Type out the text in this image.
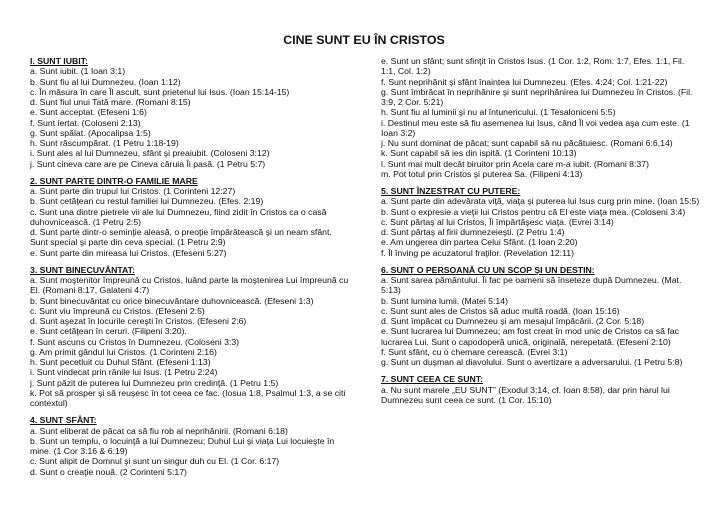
CINE SUNT EU ÎN CRISTOS
I. SUNT IUBIT:
a. Sunt iubit. (1 Ioan 3:1)
b. Sunt fiu al lui Dumnezeu. (Ioan 1:12)
c. În măsura în care Îl ascult, sunt prietenul lui Isus. (Ioan 15:14-15)
d. Sunt fiul unui Tată mare. (Romani 8:15)
e. Sunt acceptat. (Efeseni 1:6)
f. Sunt iertat. (Coloseni 2:13)
g. Sunt spălat. (Apocalipsa 1:5)
h. Sunt răscumpărat. (1 Petru 1:18-19)
i. Sunt ales al lui Dumnezeu, sfânt şi preaiubit. (Coloseni 3:12)
j. Sunt cineva care are pe Cineva căruia Îi pasă. (1 Petru 5:7)
2. SUNT PARTE DINTR-O FAMILIE MARE
a. Sunt parte din trupul lui Cristos. (1 Corinteni 12:27)
b. Sunt cetăţean cu restul familiei lui Dumnezeu. (Efes. 2:19)
c. Sunt una dintre pietrele vii ale lui Dumnezeu, fiind zidit în Cristos ca o casă
duhovnicească. (1 Petru 2:5)
d. Sunt parte dintr-o seminţie aleasă, o preoţie împărătească şi un neam sfânt.
Sunt special şi parte din ceva special. (1 Petru 2:9)
e. Sunt parte din mireasa lui Cristos. (Efeseni 5:27)
3. SUNT BINECUVÂNTAT:
a. Sunt moştenitor împreună cu Cristos, luând parte la moştenirea Lui împreună cu
El. (Romani 8:17, Galateni 4:7)
b. Sunt binecuvântat cu orice binecuvântare duhovnicească. (Efeseni 1:3)
c. Sunt viu împreună cu Cristos. (Efeseni 2:5)
d. Sunt aşezat în locurile cereşti în Cristos. (Efeseni 2:6)
e. Sunt cetăţean în ceruri. (Filipeni 3:20).
f. Sunt ascuns cu Cristos în Dumnezeu. (Coloseni 3:3)
g. Am primit gândul lui Cristos. (1 Corinteni 2:16)
h. Sunt pecetluit cu Duhul Sfânt. (Efeseni 1:13)
i. Sunt vindecat prin rănile lui Isus. (1 Petru 2:24)
j. Sunt păzit de puterea lui Dumnezeu prin credinţă. (1 Petru 1:5)
k. Pot să prosper şi să reuşesc în tot ceea ce fac. (Iosua 1:8, Psalmul 1:3, a se citi
contextul)
4. SUNT SFÂNT:
a. Sunt eliberat de păcat ca să fiu rob al neprihănirii. (Romani 6:18)
b. Sunt un templu, o locuinţă a lui Dumnezeu; Duhul Lui şi viaţa Lui locuieşte în
mine. (1 Cor 3:16 & 6:19)
c. Sunt alipit de Domnul şi sunt un singur duh cu El. (1 Cor. 6:17)
d. Sunt o creaţie nouă. (2 Corinteni 5:17)
e. Sunt un sfânt; sunt sfinţit în Cristos Isus. (1 Cor. 1:2, Rom. 1:7, Efes. 1:1, Fil.
1:1, Col. 1:2)
f. Sunt neprihănit şi sfânt înaintea lui Dumnezeu. (Efes. 4:24; Col. 1:21-22)
g. Sunt îmbrăcat în neprihănire şi sunt neprihănirea lui Dumnezeu în Cristos. (Fil.
3:9, 2 Cor. 5:21)
h. Sunt fiu al luminii şi nu al întunericului. (1 Tesaloniceni 5:5)
i. Destinul meu este să fiu asemenea lui Isus, când Îl voi vedea aşa cum este. (1
Ioan 3:2)
j. Nu sunt dominat de păcat; sunt capabil să nu păcătuiesc. (Romani 6:6,14)
k. Sunt capabil să ies din ispită. (1 Corinteni 10:13)
l. Sunt mai mult decât biruitor prin Acela care m-a iubit. (Romani 8:37)
m. Pot totul prin Cristos şi puterea Sa. (Filipeni 4:13)
5. SUNT ÎNZESTRAT CU PUTERE:
a. Sunt parte din adevărata viţă, viaţa şi puterea lui Isus curg prin mine. (Ioan 15:5)
b. Sunt o expresie a vieţii lui Cristos pentru că El este viaţa mea. (Coloseni 3:4)
c. Sunt părtaş al lui Cristos, Îi împărtăşesc viaţa. (Evrei 3:14)
d. Sunt părtaş al firii dumnezeieşti. (2 Petru 1:4)
e. Am ungerea din partea Celui Sfânt. (1 Ioan 2:20)
f. Îl înving pe acuzatorul fraţilor. (Revelation 12:11)
6. SUNT O PERSOANĂ CU UN SCOP ŞI UN DESTIN:
a. Sunt sarea pământului. Îi fac pe oameni să înseteze după Dumnezeu. (Mat.
5:13)
b. Sunt lumina lumii. (Matei 5:14)
c. Sunt sunt ales de Cristos să aduc multă roadă. (Ioan 15:16)
d. Sunt împăcat cu Dumnezeu şi am mesajul împăcării. (2 Cor. 5:18)
e. Sunt lucrarea lui Dumnezeu; am fost creat în mod unic de Cristos ca să fac
lucrarea Lui. Sunt o capodoperă unică, originală, nerepetată. (Efeseni 2:10)
f. Sunt sfânt, cu o chemare cerească. (Evrei 3:1)
g. Sunt un duşman al diavolului. Sunt o avertizare a adversarului. (1 Petru 5:8)
7. SUNT CEEA CE SUNT:
a. Nu sunt marele „EU SUNT” (Exodul 3:14, cf. Ioan 8:58), dar prin harul lui
Dumnezeu sunt ceea ce sunt. (1 Cor. 15:10)
